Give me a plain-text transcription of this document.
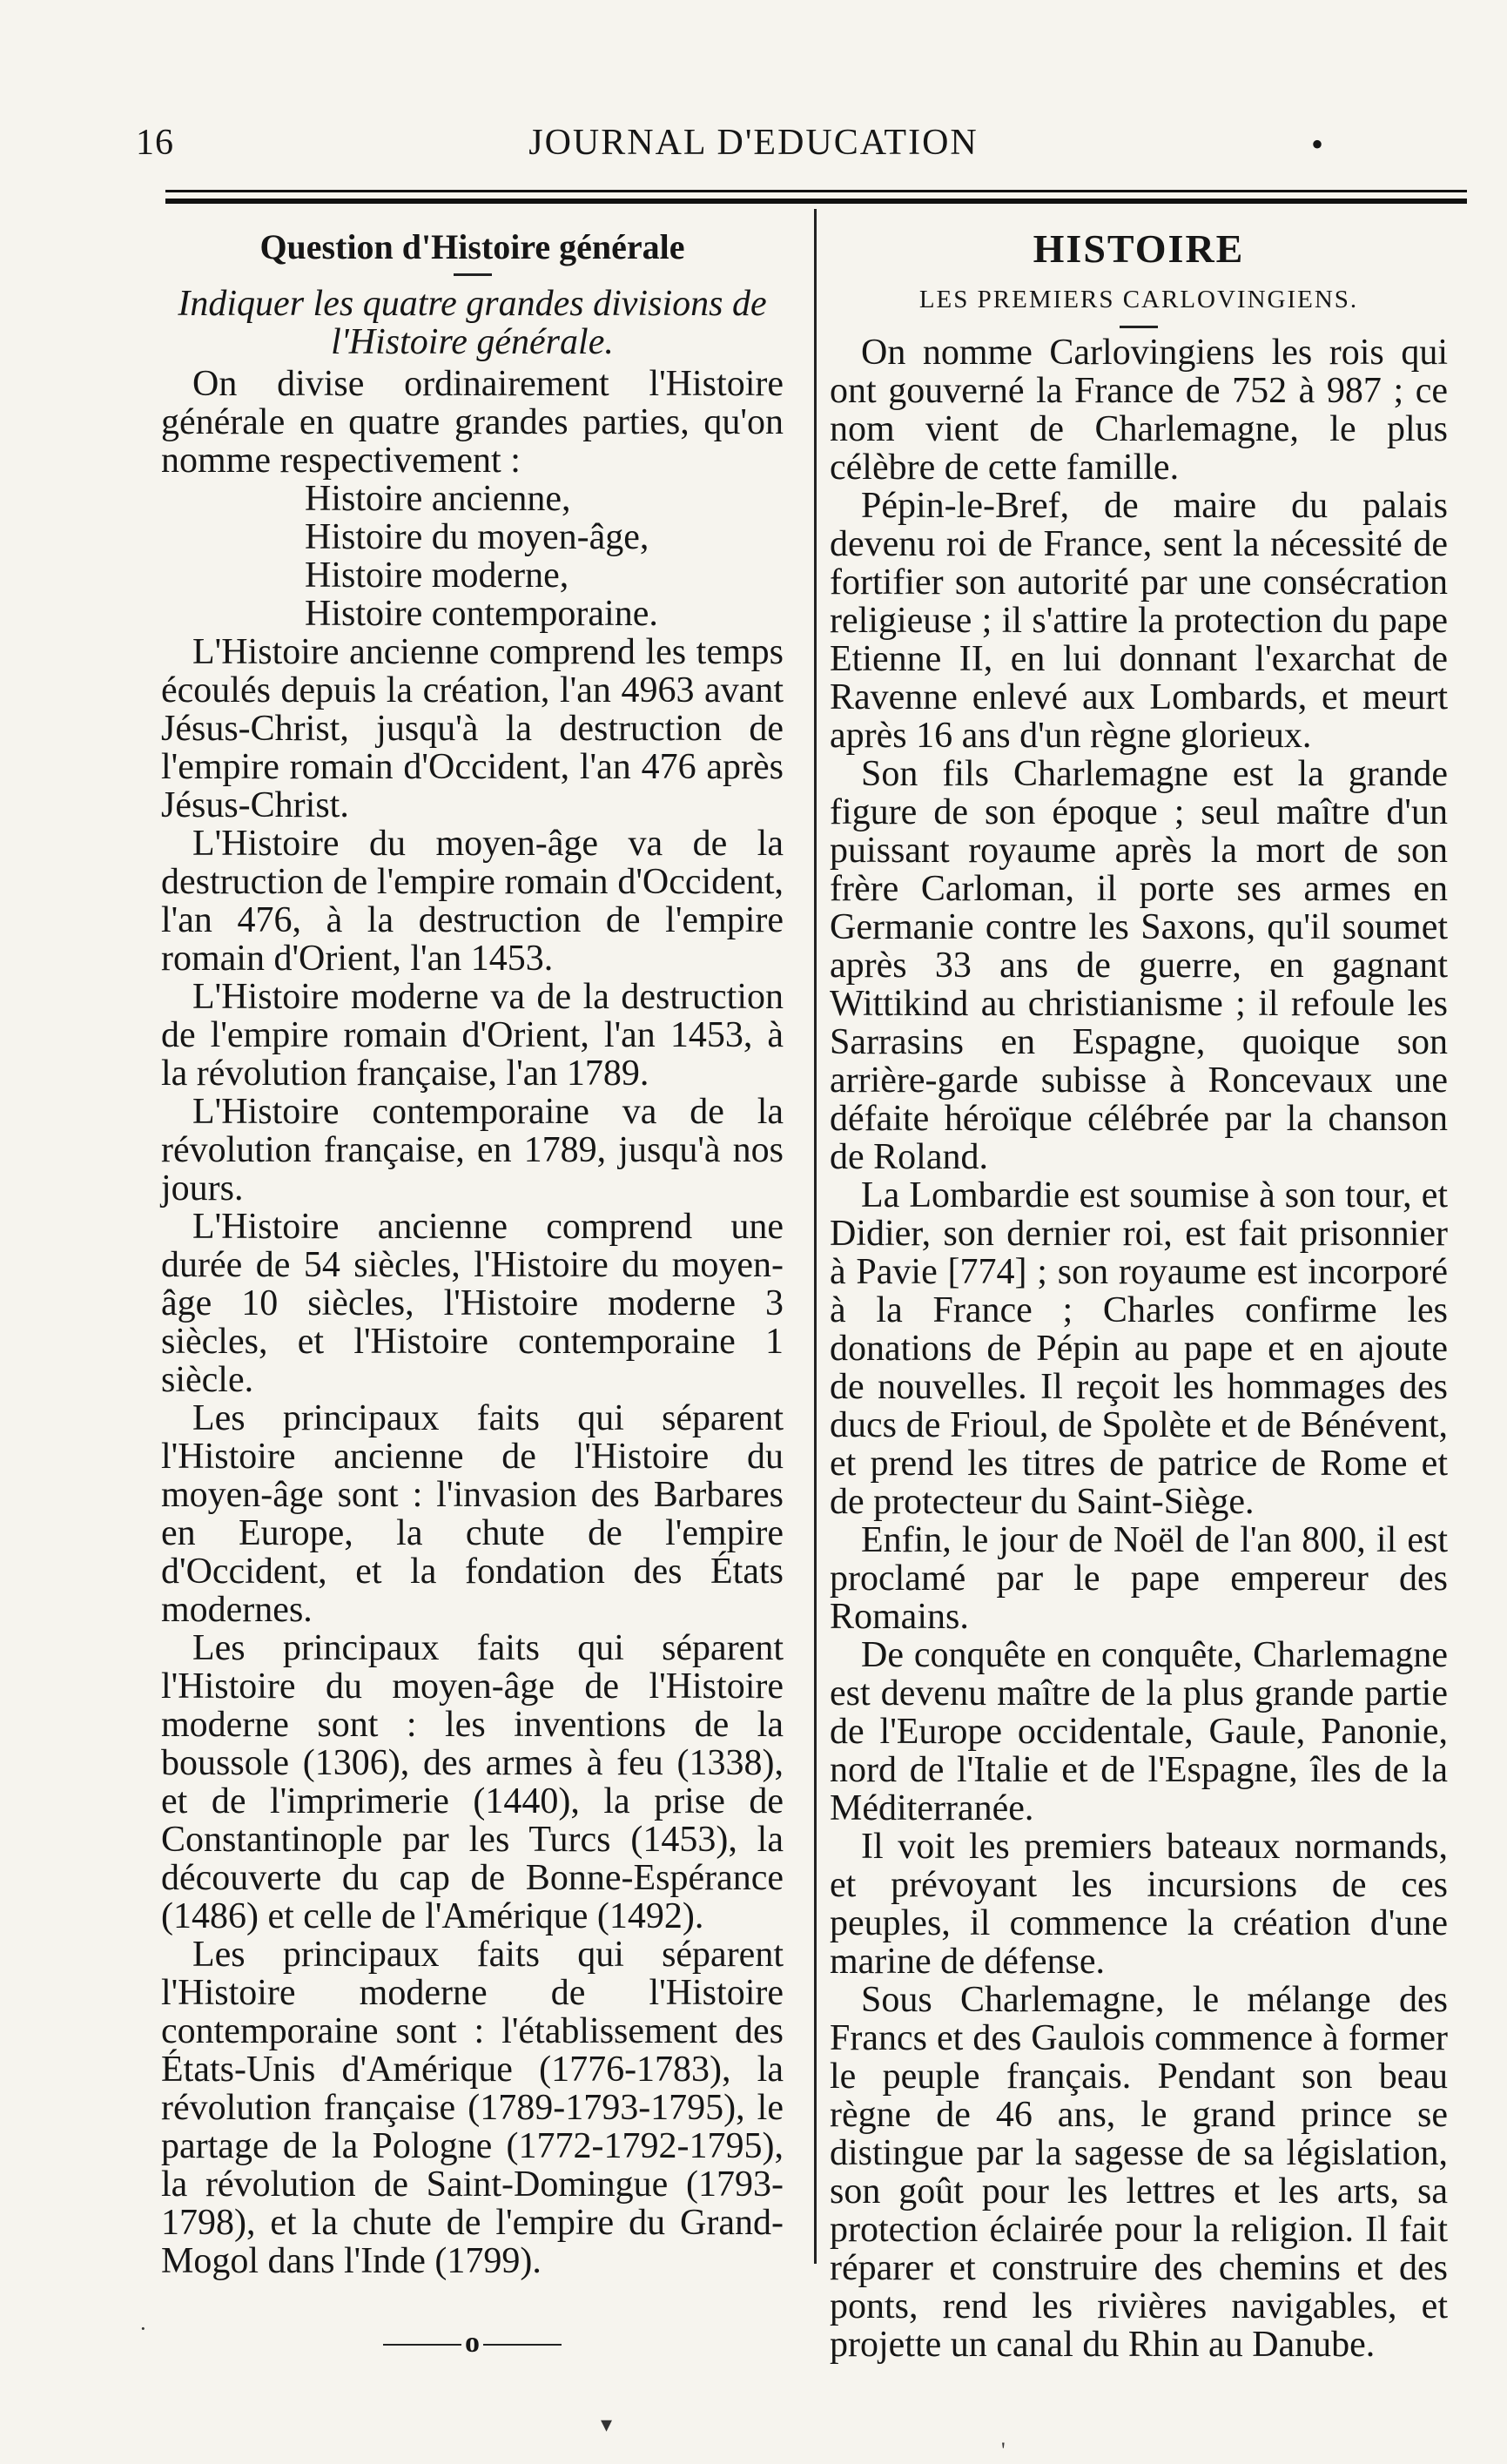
16	JOURNAL D'EDUCATION	•
Question d'Histoire générale
Indiquer les quatre grandes divisions de l'Histoire générale.

On divise ordinairement l'Histoire générale en quatre grandes parties, qu'on nomme respectivement :

Histoire ancienne,
Histoire du moyen-âge,
Histoire moderne,
Histoire contemporaine.

L'Histoire ancienne comprend les temps écoulés depuis la création, l'an 4963 avant Jésus-Christ, jusqu'à la destruction de l'empire romain d'Occident, l'an 476 après Jésus-Christ.

L'Histoire du moyen-âge va de la destruction de l'empire romain d'Occident, l'an 476, à la destruction de l'empire romain d'Orient, l'an 1453.

L'Histoire moderne va de la destruction de l'empire romain d'Orient, l'an 1453, à la révolution française, l'an 1789.

L'Histoire contemporaine va de la révolution française, en 1789, jusqu'à nos jours.

L'Histoire ancienne comprend une durée de 54 siècles, l'Histoire du moyen-âge 10 siècles, l'Histoire moderne 3 siècles, et l'Histoire contemporaine 1 siècle.

Les principaux faits qui séparent l'Histoire ancienne de l'Histoire du moyen-âge sont : l'invasion des Barbares en Europe, la chute de l'empire d'Occident, et la fondation des États modernes.

Les principaux faits qui séparent l'Histoire du moyen-âge de l'Histoire moderne sont : les inventions de la boussole (1306), des armes à feu (1338), et de l'imprimerie (1440), la prise de Constantinople par les Turcs (1453), la découverte du cap de Bonne-Espérance (1486) et celle de l'Amérique (1492).

Les principaux faits qui séparent l'Histoire moderne de l'Histoire contemporaine sont : l'établissement des États-Unis d'Amérique (1776-1783), la révolution française (1789-1793-1795), le partage de la Pologne (1772-1792-1795), la révolution de Saint-Domingue (1793-1798), et la chute de l'empire du Grand-Mogol dans l'Inde (1799).

o
HISTOIRE
LES PREMIERS CARLOVINGIENS.

On nomme Carlovingiens les rois qui ont gouverné la France de 752 à 987 ; ce nom vient de Charlemagne, le plus célèbre de cette famille.

Pépin-le-Bref, de maire du palais devenu roi de France, sent la nécessité de fortifier son autorité par une consécration religieuse ; il s'attire la protection du pape Etienne II, en lui donnant l'exarchat de Ravenne enlevé aux Lombards, et meurt après 16 ans d'un règne glorieux.

Son fils Charlemagne est la grande figure de son époque ; seul maître d'un puissant royaume après la mort de son frère Carloman, il porte ses armes en Germanie contre les Saxons, qu'il soumet après 33 ans de guerre, en gagnant Wittikind au christianisme ; il refoule les Sarrasins en Espagne, quoique son arrière-garde subisse à Roncevaux une défaite héroïque célébrée par la chanson de Roland.

La Lombardie est soumise à son tour, et Didier, son dernier roi, est fait prisonnier à Pavie [774] ; son royaume est incorporé à la France ; Charles confirme les donations de Pépin au pape et en ajoute de nouvelles. Il reçoit les hommages des ducs de Frioul, de Spolète et de Bénévent, et prend les titres de patrice de Rome et de protecteur du Saint-Siège.

Enfin, le jour de Noël de l'an 800, il est proclamé par le pape empereur des Romains.

De conquête en conquête, Charlemagne est devenu maître de la plus grande partie de l'Europe occidentale, Gaule, Panonie, nord de l'Italie et de l'Espagne, îles de la Méditerranée.

Il voit les premiers bateaux normands, et prévoyant les incursions de ces peuples, il commence la création d'une marine de défense.

Sous Charlemagne, le mélange des Francs et des Gaulois commence à former le peuple français. Pendant son beau règne de 46 ans, le grand prince se distingue par la sagesse de sa législation, son goût pour les lettres et les arts, sa protection éclairée pour la religion. Il fait réparer et construire des chemins et des ponts, rend les rivières navigables, et projette un canal du Rhin au Danube.

·
▾
'
